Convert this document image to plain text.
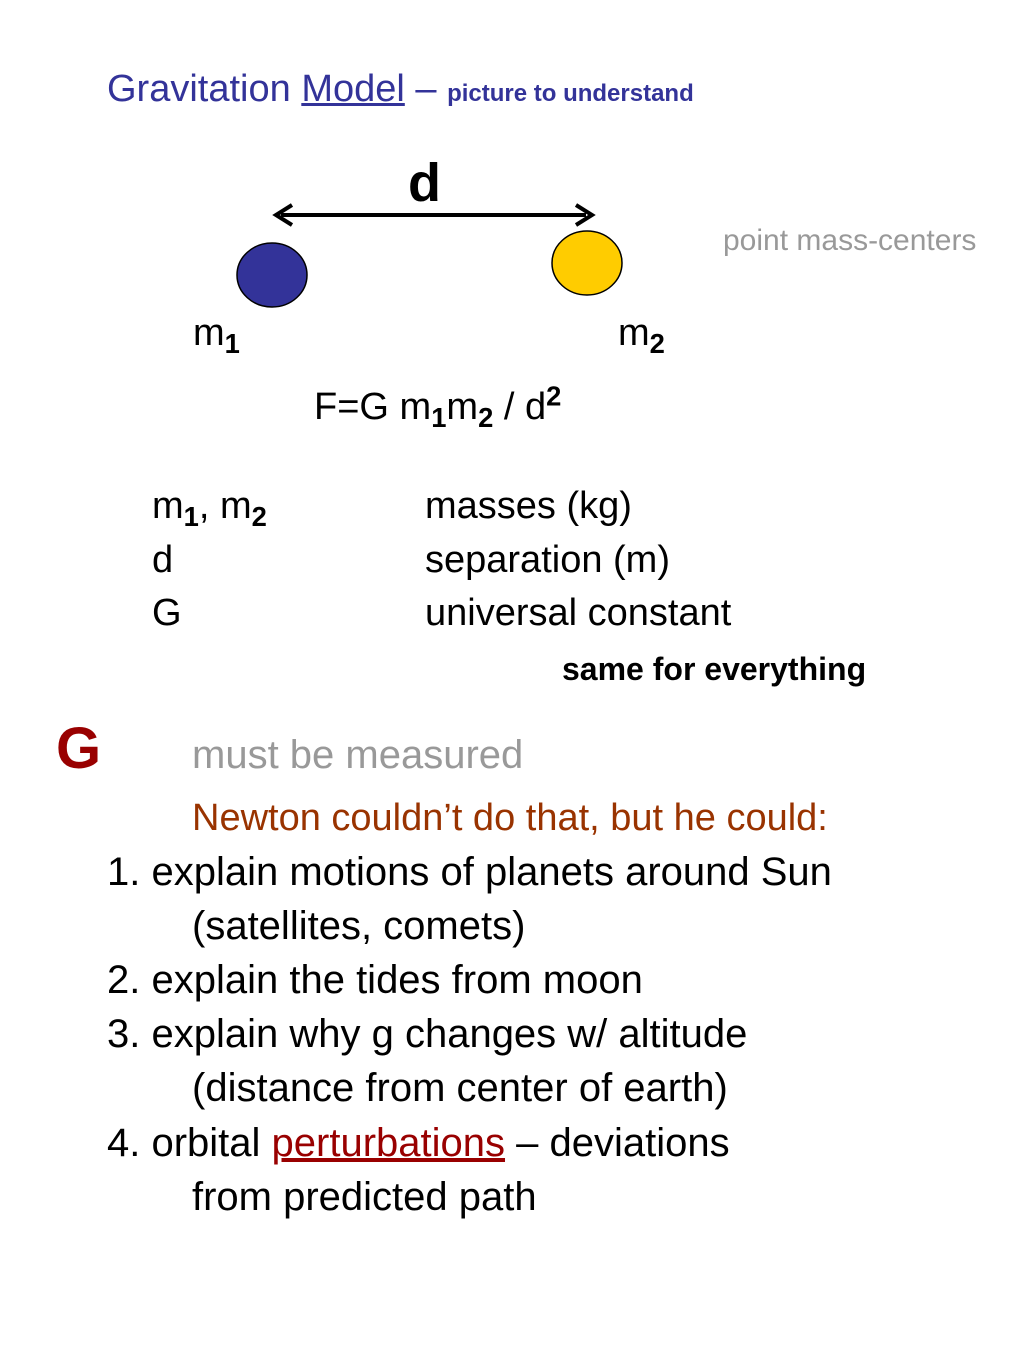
Gravitation Model – picture to understand
d
point mass-centers
$m_1$	$m_2$
F=G $m_1m_2 / d^2$
$m_1$, $m_2$	masses (kg)
d	separation (m)
G	universal constant
same for everything
G must be measured
Newton couldn’t do that, but he could:
1. explain motions of planets around Sun
(satellites, comets)
2. explain the tides from moon
3. explain why g changes w/ altitude
(distance from center of earth)
4. orbital perturbations – deviations
from predicted path
